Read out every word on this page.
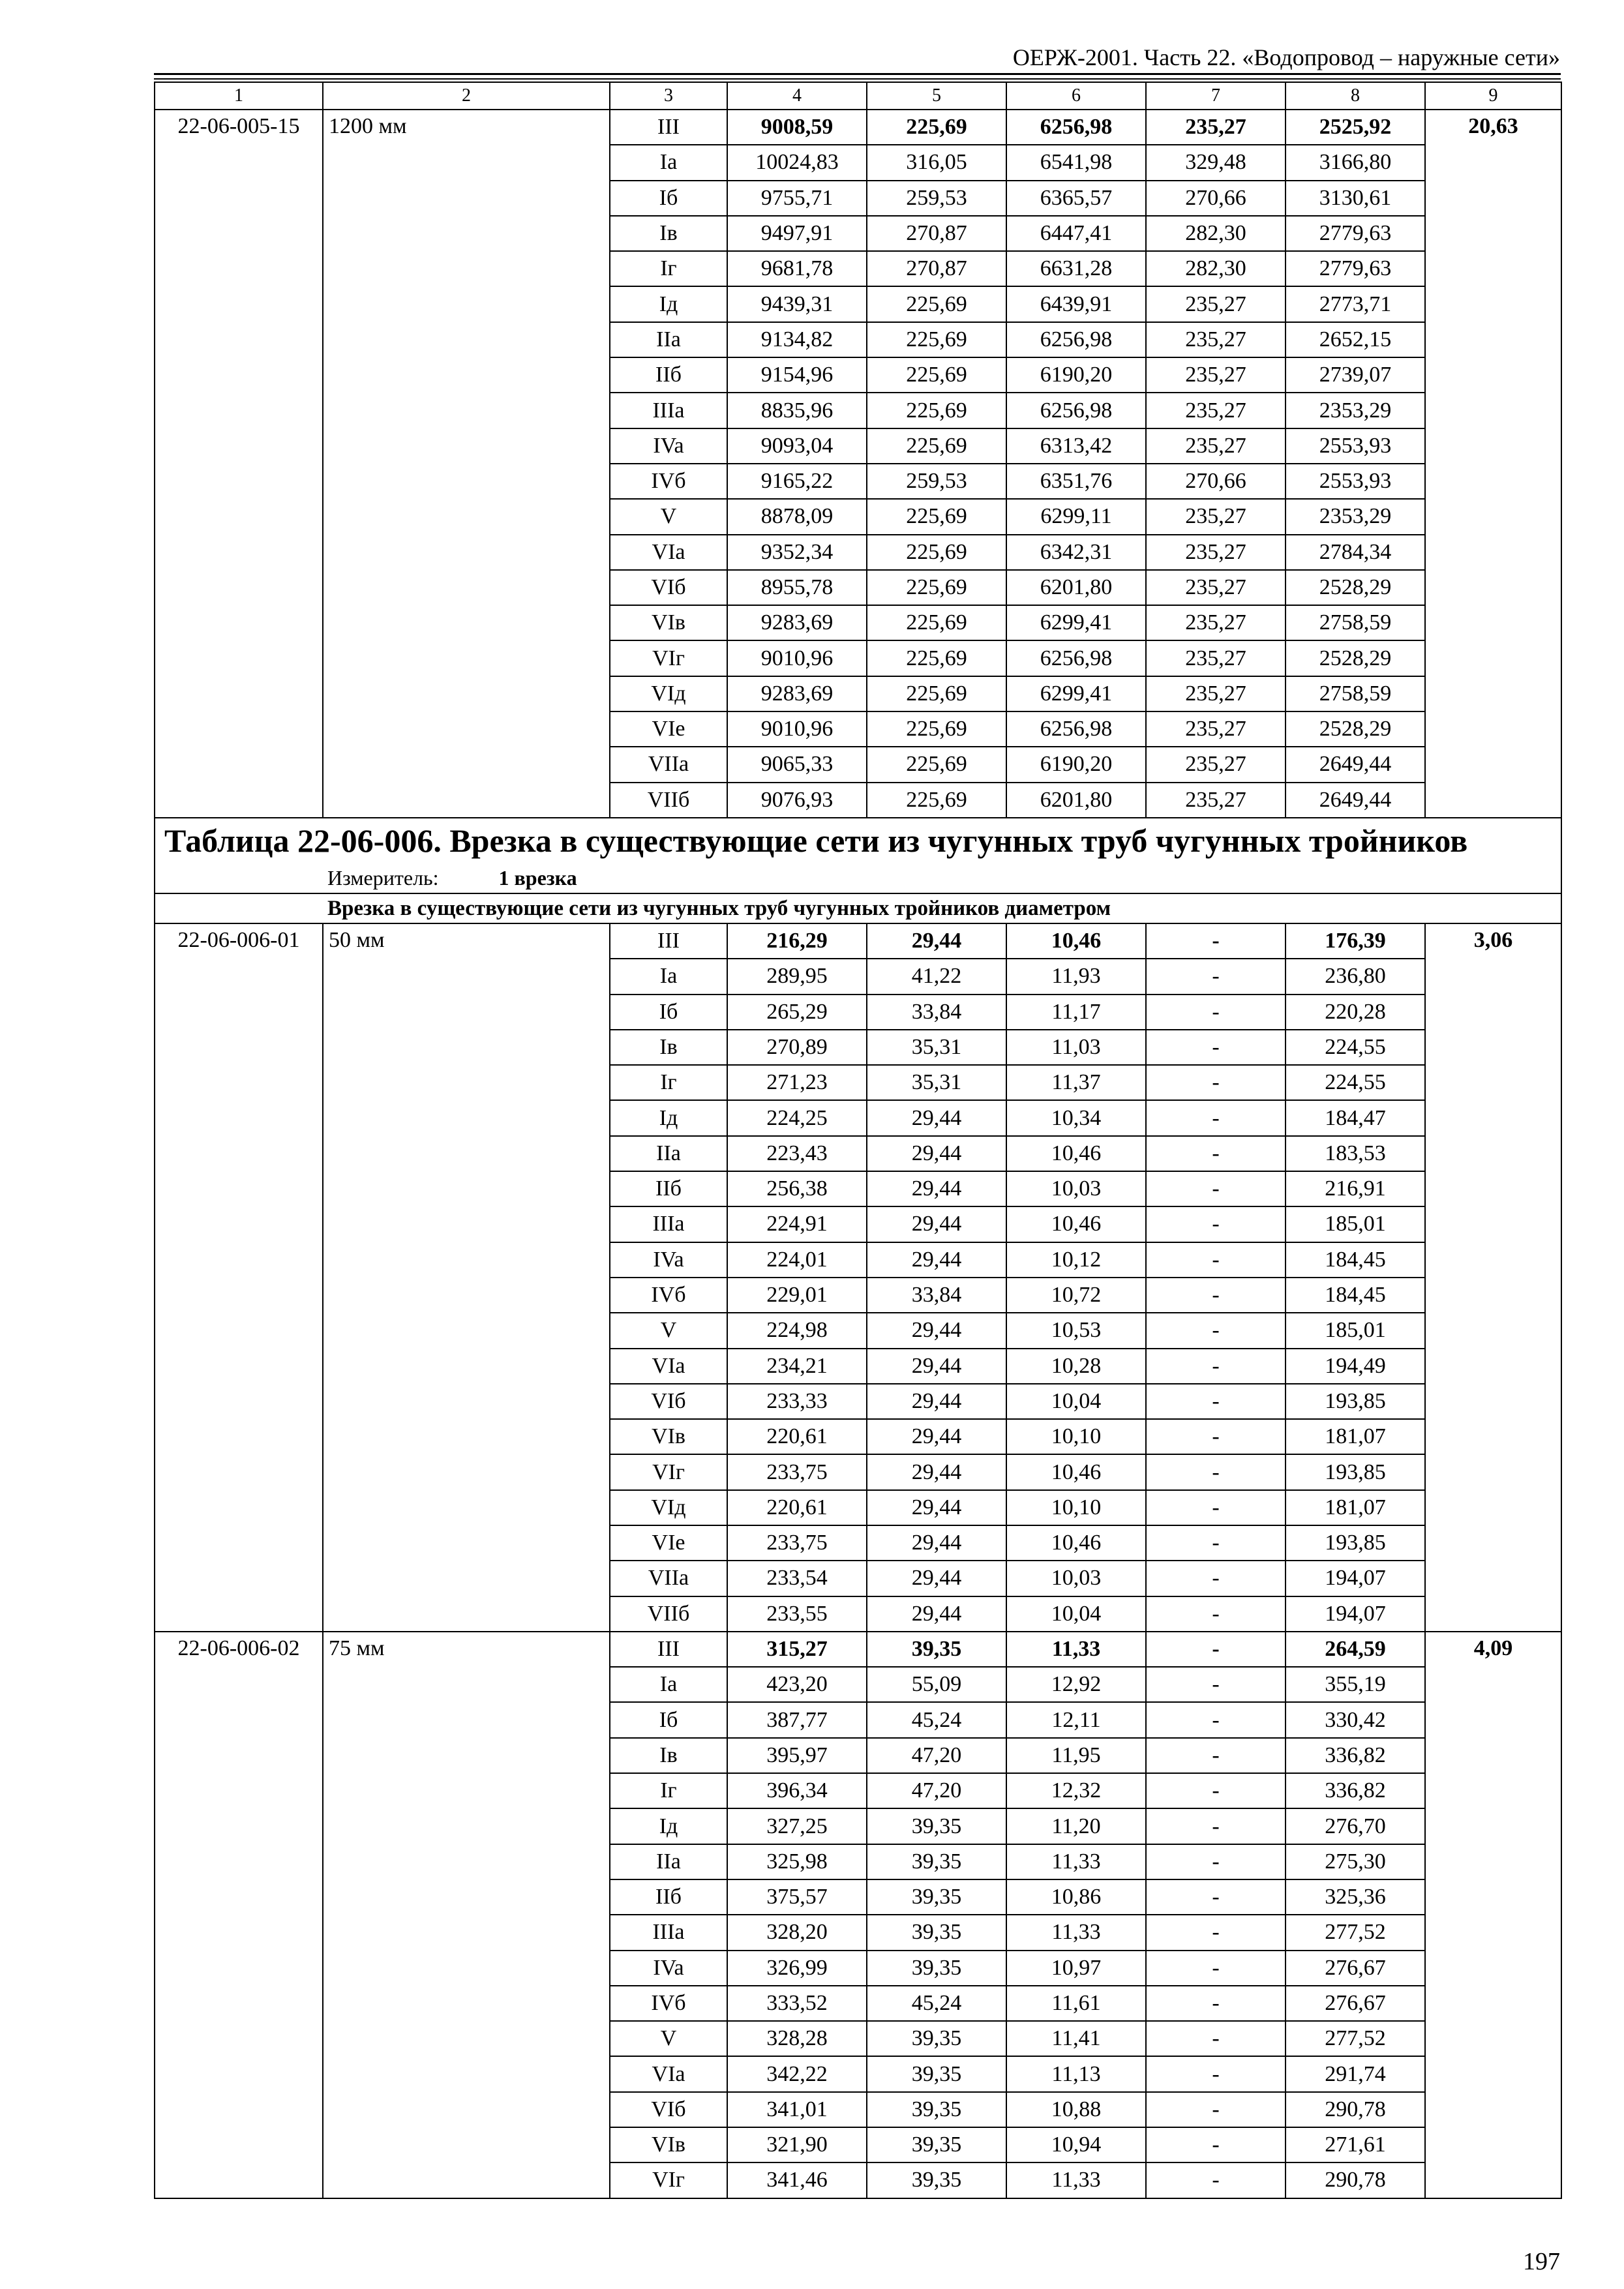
ОЕРЖ-2001. Часть 22. «Водопровод – наружные сети»
1	2	3	4	5	6	7	8	9
22-06-005-15	1200 мм	III	9008,59	225,69	6256,98	235,27	2525,92	20,63
		Ia	10024,83	316,05	6541,98	329,48	3166,80	
		Iб	9755,71	259,53	6365,57	270,66	3130,61	
		Iв	9497,91	270,87	6447,41	282,30	2779,63	
		Iг	9681,78	270,87	6631,28	282,30	2779,63	
		Iд	9439,31	225,69	6439,91	235,27	2773,71	
		IIa	9134,82	225,69	6256,98	235,27	2652,15	
		IIб	9154,96	225,69	6190,20	235,27	2739,07	
		IIIa	8835,96	225,69	6256,98	235,27	2353,29	
		IVa	9093,04	225,69	6313,42	235,27	2553,93	
		IVб	9165,22	259,53	6351,76	270,66	2553,93	
		V	8878,09	225,69	6299,11	235,27	2353,29	
		VIa	9352,34	225,69	6342,31	235,27	2784,34	
		VIб	8955,78	225,69	6201,80	235,27	2528,29	
		VIв	9283,69	225,69	6299,41	235,27	2758,59	
		VIг	9010,96	225,69	6256,98	235,27	2528,29	
		VIд	9283,69	225,69	6299,41	235,27	2758,59	
		VIe	9010,96	225,69	6256,98	235,27	2528,29	
		VIIa	9065,33	225,69	6190,20	235,27	2649,44	
		VIIб	9076,93	225,69	6201,80	235,27	2649,44	
Таблица 22-06-006. Врезка в существующие сети из чугунных труб чугунных тройников								
Измеритель: 1 врезка								
Врезка в существующие сети из чугунных труб чугунных тройников диаметром								
22-06-006-01	50 мм	III	216,29	29,44	10,46	-	176,39	3,06
		Ia	289,95	41,22	11,93	-	236,80	
		Iб	265,29	33,84	11,17	-	220,28	
		Iв	270,89	35,31	11,03	-	224,55	
		Iг	271,23	35,31	11,37	-	224,55	
		Iд	224,25	29,44	10,34	-	184,47	
		IIa	223,43	29,44	10,46	-	183,53	
		IIб	256,38	29,44	10,03	-	216,91	
		IIIa	224,91	29,44	10,46	-	185,01	
		IVa	224,01	29,44	10,12	-	184,45	
		IVб	229,01	33,84	10,72	-	184,45	
		V	224,98	29,44	10,53	-	185,01	
		VIa	234,21	29,44	10,28	-	194,49	
		VIб	233,33	29,44	10,04	-	193,85	
		VIв	220,61	29,44	10,10	-	181,07	
		VIг	233,75	29,44	10,46	-	193,85	
		VIд	220,61	29,44	10,10	-	181,07	
		VIe	233,75	29,44	10,46	-	193,85	
		VIIa	233,54	29,44	10,03	-	194,07	
		VIIб	233,55	29,44	10,04	-	194,07	
22-06-006-02	75 мм	III	315,27	39,35	11,33	-	264,59	4,09
		Ia	423,20	55,09	12,92	-	355,19	
		Iб	387,77	45,24	12,11	-	330,42	
		Iв	395,97	47,20	11,95	-	336,82	
		Iг	396,34	47,20	12,32	-	336,82	
		Iд	327,25	39,35	11,20	-	276,70	
		IIa	325,98	39,35	11,33	-	275,30	
		IIб	375,57	39,35	10,86	-	325,36	
		IIIa	328,20	39,35	11,33	-	277,52	
		IVa	326,99	39,35	10,97	-	276,67	
		IVб	333,52	45,24	11,61	-	276,67	
		V	328,28	39,35	11,41	-	277,52	
		VIa	342,22	39,35	11,13	-	291,74	
		VIб	341,01	39,35	10,88	-	290,78	
		VIв	321,90	39,35	10,94	-	271,61	
		VIг	341,46	39,35	11,33	-	290,78	
197
